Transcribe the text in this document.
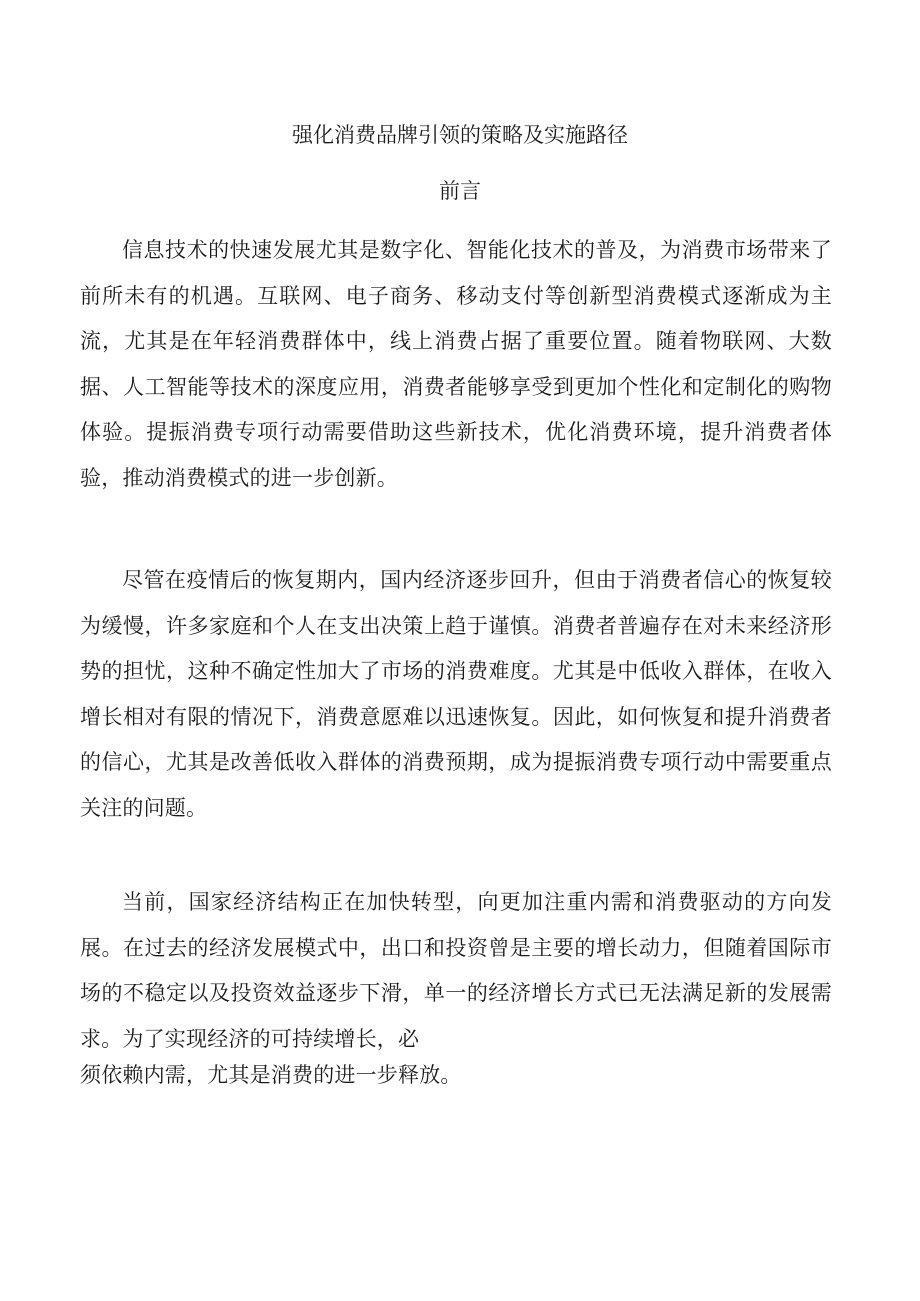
强化消费品牌引领的策略及实施路径
前言

信息技术的快速发展尤其是数字化、智能化技术的普及，为消费市场带来了前所未有的机遇。互联网、电子商务、移动支付等创新型消费模式逐渐成为主流，尤其是在年轻消费群体中，线上消费占据了重要位置。随着物联网、大数据、人工智能等技术的深度应用，消费者能够享受到更加个性化和定制化的购物体验。提振消费专项行动需要借助这些新技术，优化消费环境，提升消费者体验，推动消费模式的进一步创新。

尽管在疫情后的恢复期内，国内经济逐步回升，但由于消费者信心的恢复较为缓慢，许多家庭和个人在支出决策上趋于谨慎。消费者普遍存在对未来经济形势的担忧，这种不确定性加大了市场的消费难度。尤其是中低收入群体，在收入增长相对有限的情况下，消费意愿难以迅速恢复。因此，如何恢复和提升消费者的信心，尤其是改善低收入群体的消费预期，成为提振消费专项行动中需要重点关注的问题。

当前，国家经济结构正在加快转型，向更加注重内需和消费驱动的方向发展。在过去的经济发展模式中，出口和投资曾是主要的增长动力，但随着国际市场的不稳定以及投资效益逐步下滑，单一的经济增长方式已无法满足新的发展需求。为了实现经济的可持续增长，必
须依赖内需，尤其是消费的进一步释放。
